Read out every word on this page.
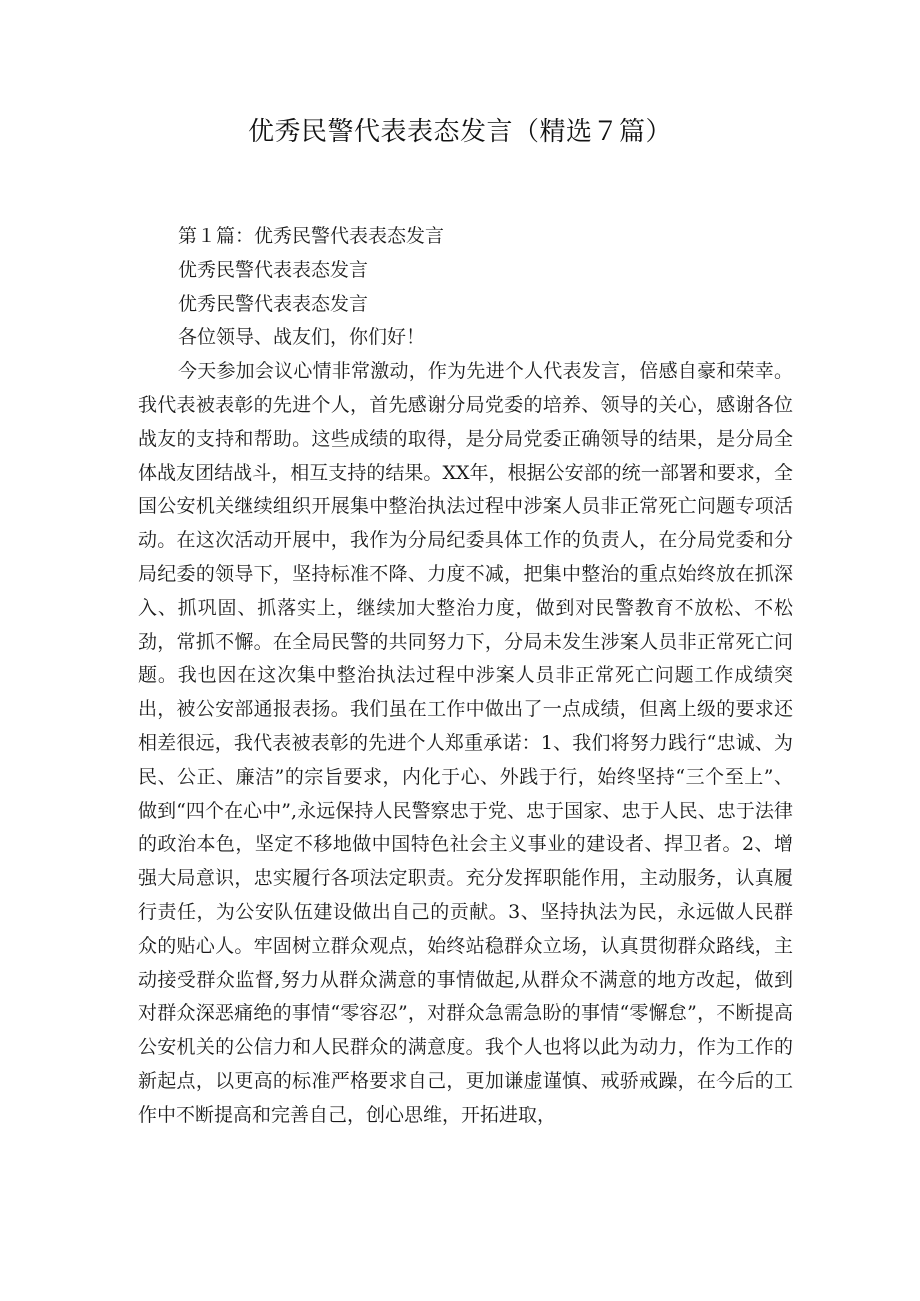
优秀民警代表表态发言（精选７篇）

第１篇：优秀民警代表表态发言

优秀民警代表表态发言

优秀民警代表表态发言

各位领导、战友们，你们好！

今天参加会议心情非常激动，作为先进个人代表发言，倍感自豪和荣幸。我代表被表彰的先进个人，首先感谢分局党委的培养、领导的关心，感谢各位战友的支持和帮助。这些成绩的取得，是分局党委正确领导的结果，是分局全体战友团结战斗，相互支持的结果。XX年，根据公安部的统一部署和要求，全国公安机关继续组织开展集中整治执法过程中涉案人员非正常死亡问题专项活动。在这次活动开展中，我作为分局纪委具体工作的负责人，在分局党委和分局纪委的领导下，坚持标准不降、力度不减，把集中整治的重点始终放在抓深入、抓巩固、抓落实上，继续加大整治力度，做到对民警教育不放松、不松劲，常抓不懈。在全局民警的共同努力下，分局未发生涉案人员非正常死亡问题。我也因在这次集中整治执法过程中涉案人员非正常死亡问题工作成绩突出，被公安部通报表扬。我们虽在工作中做出了一点成绩，但离上级的要求还相差很远，我代表被表彰的先进个人郑重承诺：1、我们将努力践行“忠诚、为民、公正、廉洁”的宗旨要求，内化于心、外践于行，始终坚持“三个至上”、做到“四个在心中”,永远保持人民警察忠于党、忠于国家、忠于人民、忠于法律的政治本色，坚定不移地做中国特色社会主义事业的建设者、捍卫者。2、增强大局意识，忠实履行各项法定职责。充分发挥职能作用，主动服务，认真履行责任，为公安队伍建设做出自己的贡献。3、坚持执法为民，永远做人民群众的贴心人。牢固树立群众观点，始终站稳群众立场，认真贯彻群众路线，主动接受群众监督,努力从群众满意的事情做起,从群众不满意的地方改起，做到对群众深恶痛绝的事情“零容忍”，对群众急需急盼的事情“零懈怠”，不断提高公安机关的公信力和人民群众的满意度。我个人也将以此为动力，作为工作的新起点，以更高的标准严格要求自己，更加谦虚谨慎、戒骄戒躁，在今后的工作中不断提高和完善自己，创心思维，开拓进取，
